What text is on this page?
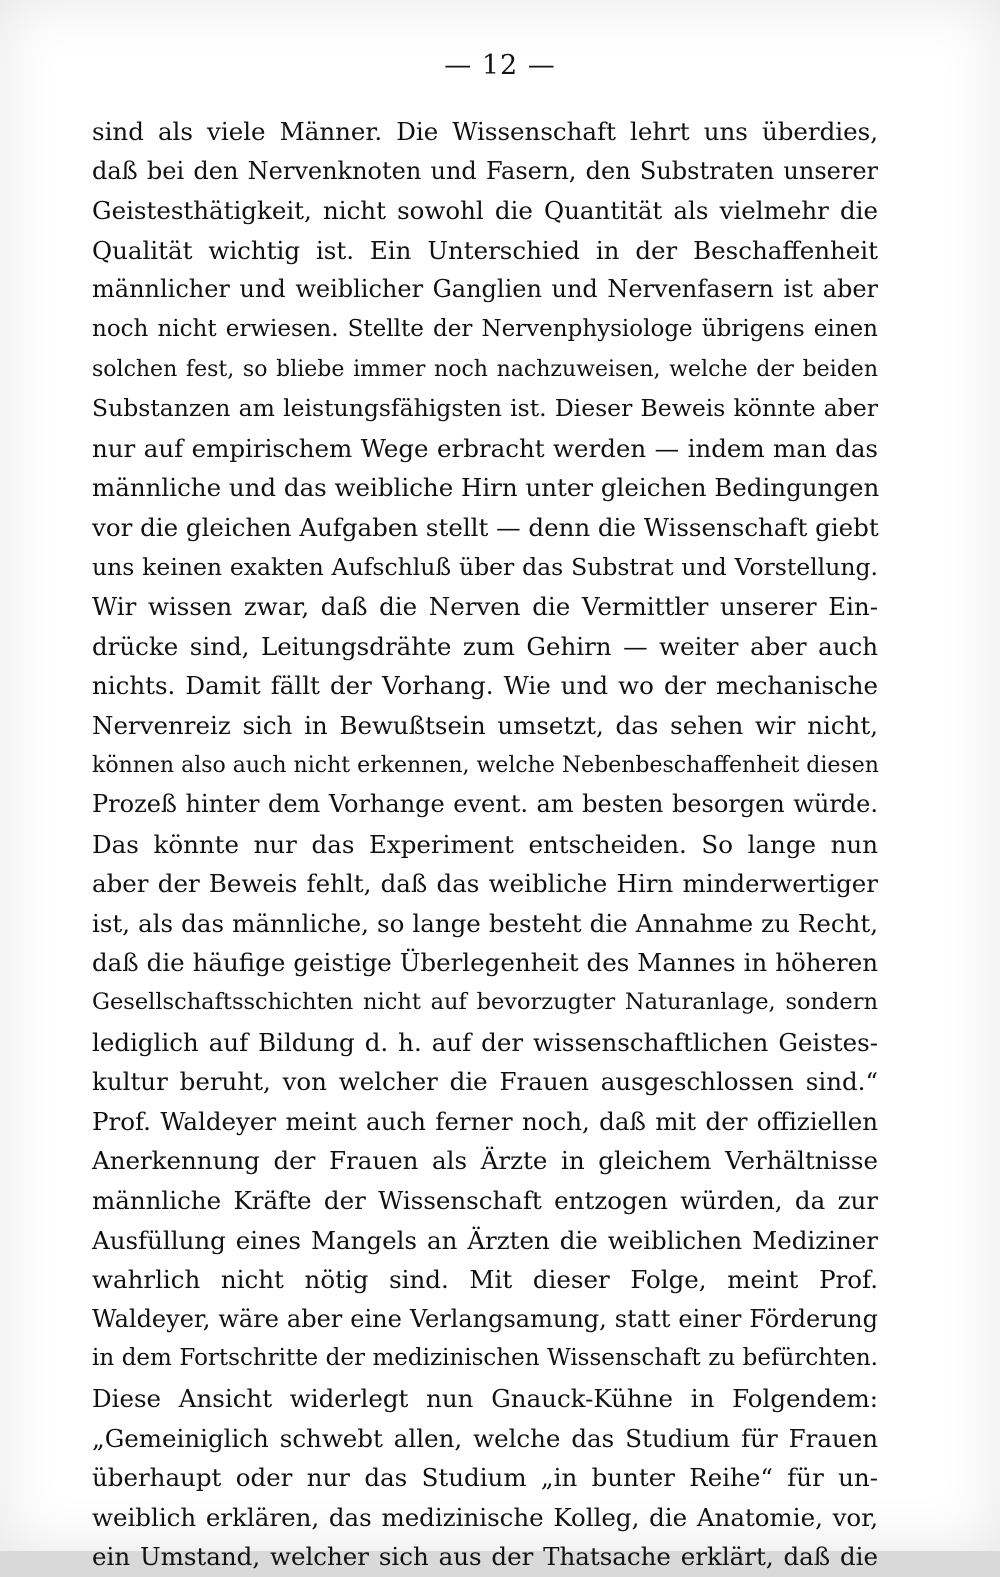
— 12 —
sind als viele Männer. Die Wissenschaft lehrt uns überdies,
daß bei den Nervenknoten und Fasern, den Substraten unserer
Geistesthätigkeit, nicht sowohl die Quantität als vielmehr die
Qualität wichtig ist. Ein Unterschied in der Beschaffenheit
männlicher und weiblicher Ganglien und Nervenfasern ist aber
noch nicht erwiesen. Stellte der Nervenphysiologe übrigens einen
solchen fest, so bliebe immer noch nachzuweisen, welche der beiden
Substanzen am leistungsfähigsten ist. Dieser Beweis könnte aber
nur auf empirischem Wege erbracht werden — indem man das
männliche und das weibliche Hirn unter gleichen Bedingungen
vor die gleichen Aufgaben stellt — denn die Wissenschaft giebt
uns keinen exakten Aufschluß über das Substrat und Vorstellung.
Wir wissen zwar, daß die Nerven die Vermittler unserer Ein-
drücke sind, Leitungsdrähte zum Gehirn — weiter aber auch
nichts. Damit fällt der Vorhang. Wie und wo der mechanische
Nervenreiz sich in Bewußtsein umsetzt, das sehen wir nicht,
können also auch nicht erkennen, welche Nebenbeschaffenheit diesen
Prozeß hinter dem Vorhange event. am besten besorgen würde.
Das könnte nur das Experiment entscheiden. So lange nun
aber der Beweis fehlt, daß das weibliche Hirn minderwertiger
ist, als das männliche, so lange besteht die Annahme zu Recht,
daß die häufige geistige Überlegenheit des Mannes in höheren
Gesellschaftsschichten nicht auf bevorzugter Naturanlage, sondern
lediglich auf Bildung d. h. auf der wissenschaftlichen Geistes-
kultur beruht, von welcher die Frauen ausgeschlossen sind.“
Prof. Waldeyer meint auch ferner noch, daß mit der offiziellen
Anerkennung der Frauen als Ärzte in gleichem Verhältnisse
männliche Kräfte der Wissenschaft entzogen würden, da zur
Ausfüllung eines Mangels an Ärzten die weiblichen Mediziner
wahrlich nicht nötig sind. Mit dieser Folge, meint Prof.
Waldeyer, wäre aber eine Verlangsamung, statt einer Förderung
in dem Fortschritte der medizinischen Wissenschaft zu befürchten.
Diese Ansicht widerlegt nun Gnauck-Kühne in Folgendem:
„Gemeiniglich schwebt allen, welche das Studium für Frauen
überhaupt oder nur das Studium „in bunter Reihe“ für un-
weiblich erklären, das medizinische Kolleg, die Anatomie, vor,
ein Umstand, welcher sich aus der Thatsache erklärt, daß die
